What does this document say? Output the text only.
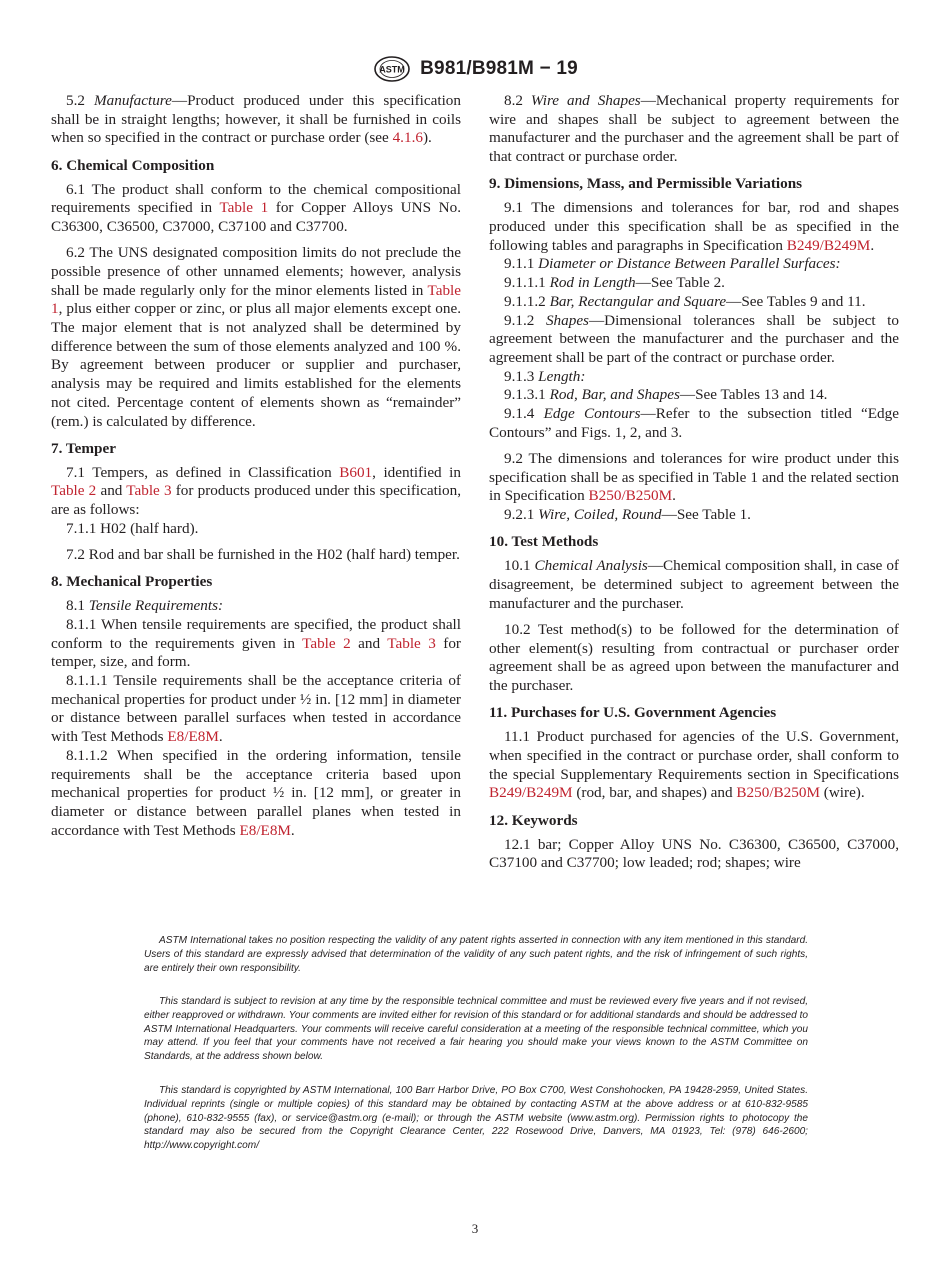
ASTM B981/B981M − 19

5.2 Manufacture—Product produced under this specification shall be in straight lengths; however, it shall be furnished in coils when so specified in the contract or purchase order (see 4.1.6).

6. Chemical Composition

6.1 The product shall conform to the chemical compositional requirements specified in Table 1 for Copper Alloys UNS No. C36300, C36500, C37000, C37100 and C37700.

6.2 The UNS designated composition limits do not preclude the possible presence of other unnamed elements; however, analysis shall be made regularly only for the minor elements listed in Table 1, plus either copper or zinc, or plus all major elements except one. The major element that is not analyzed shall be determined by difference between the sum of those elements analyzed and 100 %. By agreement between producer or supplier and purchaser, analysis may be required and limits established for the elements not cited. Percentage content of elements shown as “remainder” (rem.) is calculated by difference.

7. Temper

7.1 Tempers, as defined in Classification B601, identified in Table 2 and Table 3 for products produced under this specification, are as follows:

7.1.1 H02 (half hard).

7.2 Rod and bar shall be furnished in the H02 (half hard) temper.

8. Mechanical Properties

8.1 Tensile Requirements:

8.1.1 When tensile requirements are specified, the product shall conform to the requirements given in Table 2 and Table 3 for temper, size, and form.

8.1.1.1 Tensile requirements shall be the acceptance criteria of mechanical properties for product under ½ in. [12 mm] in diameter or distance between parallel surfaces when tested in accordance with Test Methods E8/E8M.

8.1.1.2 When specified in the ordering information, tensile requirements shall be the acceptance criteria based upon mechanical properties for product ½ in. [12 mm], or greater in diameter or distance between parallel planes when tested in accordance with Test Methods E8/E8M.

8.2 Wire and Shapes—Mechanical property requirements for wire and shapes shall be subject to agreement between the manufacturer and the purchaser and the agreement shall be part of that contract or purchase order.

9. Dimensions, Mass, and Permissible Variations

9.1 The dimensions and tolerances for bar, rod and shapes produced under this specification shall be as specified in the following tables and paragraphs in Specification B249/B249M.

9.1.1 Diameter or Distance Between Parallel Surfaces:

9.1.1.1 Rod in Length—See Table 2.

9.1.1.2 Bar, Rectangular and Square—See Tables 9 and 11.

9.1.2 Shapes—Dimensional tolerances shall be subject to agreement between the manufacturer and the purchaser and the agreement shall be part of the contract or purchase order.

9.1.3 Length:

9.1.3.1 Rod, Bar, and Shapes—See Tables 13 and 14.

9.1.4 Edge Contours—Refer to the subsection titled “Edge Contours” and Figs. 1, 2, and 3.

9.2 The dimensions and tolerances for wire product under this specification shall be as specified in Table 1 and the related section in Specification B250/B250M.

9.2.1 Wire, Coiled, Round—See Table 1.

10. Test Methods

10.1 Chemical Analysis—Chemical composition shall, in case of disagreement, be determined subject to agreement between the manufacturer and the purchaser.

10.2 Test method(s) to be followed for the determination of other element(s) resulting from contractual or purchaser order agreement shall be as agreed upon between the manufacturer and the purchaser.

11. Purchases for U.S. Government Agencies

11.1 Product purchased for agencies of the U.S. Government, when specified in the contract or purchase order, shall conform to the special Supplementary Requirements section in Specifications B249/B249M (rod, bar, and shapes) and B250/B250M (wire).

12. Keywords

12.1 bar; Copper Alloy UNS No. C36300, C36500, C37000, C37100 and C37700; low leaded; rod; shapes; wire

ASTM International takes no position respecting the validity of any patent rights asserted in connection with any item mentioned in this standard. Users of this standard are expressly advised that determination of the validity of any such patent rights, and the risk of infringement of such rights, are entirely their own responsibility.

This standard is subject to revision at any time by the responsible technical committee and must be reviewed every five years and if not revised, either reapproved or withdrawn. Your comments are invited either for revision of this standard or for additional standards and should be addressed to ASTM International Headquarters. Your comments will receive careful consideration at a meeting of the responsible technical committee, which you may attend. If you feel that your comments have not received a fair hearing you should make your views known to the ASTM Committee on Standards, at the address shown below.

This standard is copyrighted by ASTM International, 100 Barr Harbor Drive, PO Box C700, West Conshohocken, PA 19428-2959, United States. Individual reprints (single or multiple copies) of this standard may be obtained by contacting ASTM at the above address or at 610-832-9585 (phone), 610-832-9555 (fax), or service@astm.org (e-mail); or through the ASTM website (www.astm.org). Permission rights to photocopy the standard may also be secured from the Copyright Clearance Center, 222 Rosewood Drive, Danvers, MA 01923, Tel: (978) 646-2600; http://www.copyright.com/

3
